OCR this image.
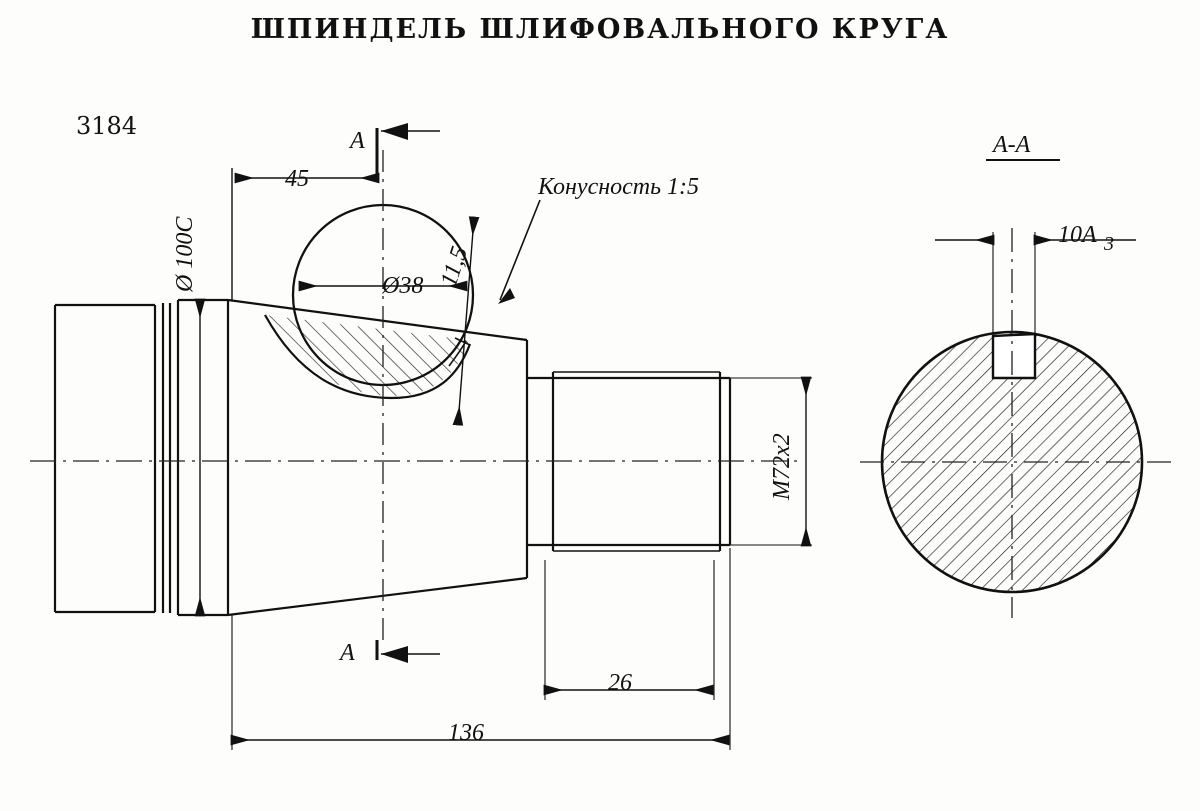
ШПИНДЕЛЬ ШЛИФОВАЛЬНОГО КРУГА
3184
45
Ø 100С	Ø38 11,5
M72x2
26
136
Конусность 1:5
A
A
A-A
10A 3
